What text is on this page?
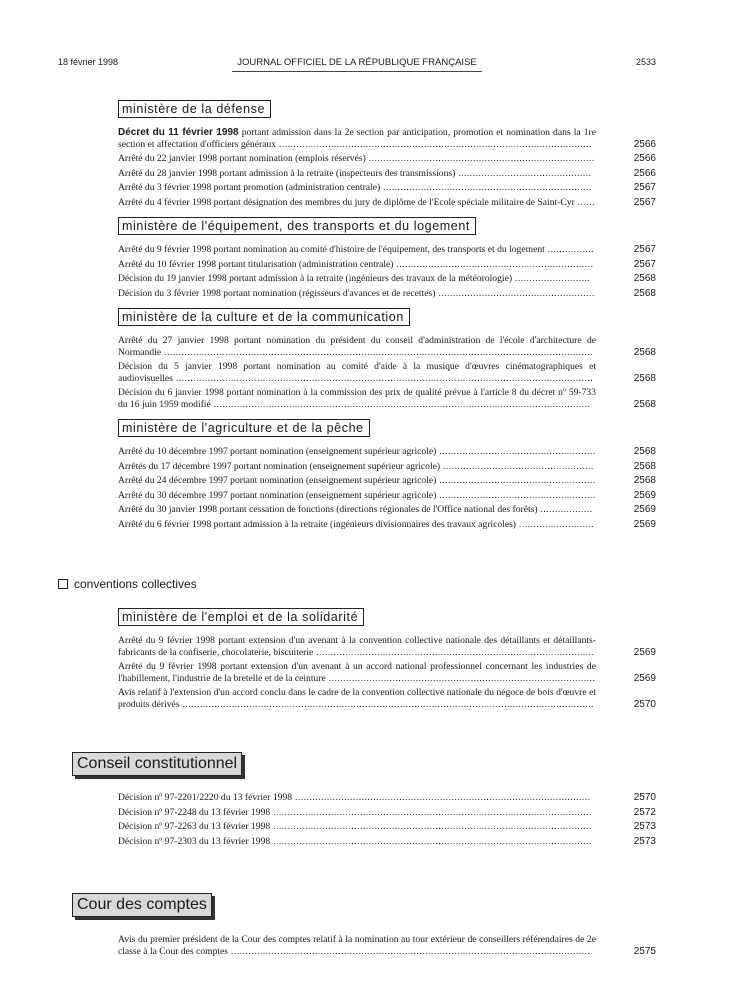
18 février 1998	JOURNAL OFFICIEL DE LA RÉPUBLIQUE FRANÇAISE	2533
ministère de la défense
Décret du 11 février 1998 portant admission dans la 2e section par anticipation, promotion et nomination dans la 1re section et affectation d'officiers généraux ............................................................................................................	2566
Arrêté du 22 janvier 1998 portant nomination (emplois réservés) ..............................................................................	2566
Arrêté du 28 janvier 1998 portant admission à la retraite (inspecteurs des transmissions) ..............................................	2566
Arrêté du 3 février 1998 portant promotion (administration centrale) ........................................................................	2567
Arrêté du 4 février 1998 portant désignation des membres du jury de diplôme de l'Ecole spéciale militaire de Saint-Cyr ......	2567
ministère de l'équipement, des transports et du logement
Arrêté du 9 février 1998 portant nomination au comité d'histoire de l'équipement, des transports et du logement ................	2567
Arrêté du 10 février 1998 portant titularisation (administration centrale) ....................................................................	2567
Décision du 19 janvier 1998 portant admission à la retraite (ingénieurs des travaux de la météorologie) ..........................	2568
Décision du 3 février 1998 portant nomination (régisseurs d'avances et de recettes) ......................................................	2568
ministère de la culture et de la communication
Arrêté du 27 janvier 1998 portant nomination du président du conseil d'administration de l'école d'architecture de Normandie ....................................................................................................................................................	2568
Décision du 5 janvier 1998 portant nomination au comité d'aide à la musique d'œuvres cinématographiques et audiovisuelles ................................................................................................................................................	2568
Décision du 6 janvier 1998 portant nomination à la commission des prix de qualité prévue à l'article 8 du décret nº 59-733 du 16 juin 1959 modifié ..................................................................................................................................	2568
ministère de l'agriculture et de la pêche
Arrêté du 10 décembre 1997 portant nomination (enseignement supérieur agricole) ......................................................	2568
Arrêtés du 17 décembre 1997 portant nomination (enseignement supérieur agricole) ....................................................	2568
Arrêté du 24 décembre 1997 portant nomination (enseignement supérieur agricole) ......................................................	2568
Arrêté du 30 décembre 1997 portant nomination (enseignement supérieur agricole) ......................................................	2569
Arrêté du 30 janvier 1998 portant cessation de fonctions (directions régionales de l'Office national des forêts) ..................	2569
Arrêté du 6 février 1998 portant admission à la retraite (ingénieurs divisionnaires des travaux agricoles) ..........................	2569
conventions collectives
ministère de l'emploi et de la solidarité
Arrêté du 9 février 1998 portant extension d'un avenant à la convention collective nationale des détaillants et détaillants-fabricants de la confiserie, chocolaterie, biscuiterie ................................................................................................	2569
Arrêté du 9 février 1998 portant extension d'un avenant à un accord national professionnel concernant les industries de l'habillement, l'industrie de la bretelle et de la ceinture ............................................................................................	2569
Avis relatif à l'extension d'un accord conclu dans le cadre de la convention collective nationale du négoce de bois d'œuvre et produits dérivés ..............................................................................................................................................	2570
Conseil constitutionnel
Décision nº 97-2201/2220 du 13 février 1998 ......................................................................................................	2570
Décision nº 97-2248 du 13 février 1998 ..............................................................................................................	2572
Décision nº 97-2263 du 13 février 1998 ..............................................................................................................	2573
Décision nº 97-2303 du 13 février 1998 ..............................................................................................................	2573
Cour des comptes
Avis du premier président de la Cour des comptes relatif à la nomination au tour extérieur de conseillers référendaires de 2e classe à la Cour des comptes ............................................................................................................................	2575
